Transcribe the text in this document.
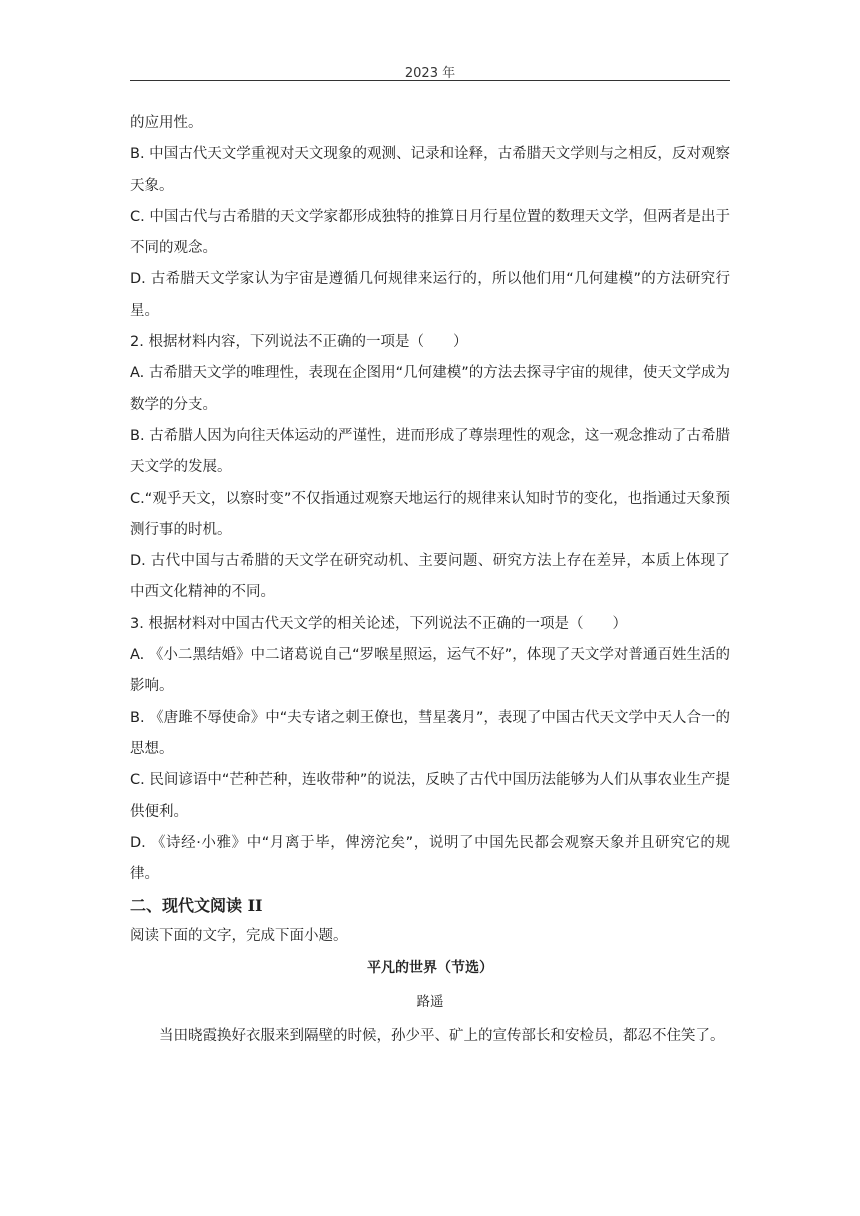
2023 年

的应用性。

B. 中国古代天文学重视对天文现象的观测、记录和诠释，古希腊天文学则与之相反，反对观察天象。

C. 中国古代与古希腊的天文学家都形成独特的推算日月行星位置的数理天文学，但两者是出于不同的观念。

D. 古希腊天文学家认为宇宙是遵循几何规律来运行的，所以他们用“几何建模”的方法研究行星。

2. 根据材料内容，下列说法不正确的一项是（　　）

A. 古希腊天文学的唯理性，表现在企图用“几何建模”的方法去探寻宇宙的规律，使天文学成为数学的分支。

B. 古希腊人因为向往天体运动的严谨性，进而形成了尊崇理性的观念，这一观念推动了古希腊天文学的发展。

C.“观乎天文，以察时变”不仅指通过观察天地运行的规律来认知时节的变化，也指通过天象预测行事的时机。

D. 古代中国与古希腊的天文学在研究动机、主要问题、研究方法上存在差异，本质上体现了中西文化精神的不同。

3. 根据材料对中国古代天文学的相关论述，下列说法不正确的一项是（　　）

A. 《小二黑结婚》中二诸葛说自己“罗喉星照运，运气不好”，体现了天文学对普通百姓生活的影响。

B. 《唐雎不辱使命》中“夫专诸之刺王僚也，彗星袭月”，表现了中国古代天文学中天人合一的思想。

C. 民间谚语中“芒种芒种，连收带种”的说法，反映了古代中国历法能够为人们从事农业生产提供便利。

D. 《诗经·小雅》中“月离于毕，俾滂沱矣”，说明了中国先民都会观察天象并且研究它的规律。

二、现代文阅读 II

阅读下面的文字，完成下面小题。

平凡的世界（节选）

路遥

当田晓霞换好衣服来到隔壁的时候，孙少平、矿上的宣传部长和安检员，都忍不住笑了。
